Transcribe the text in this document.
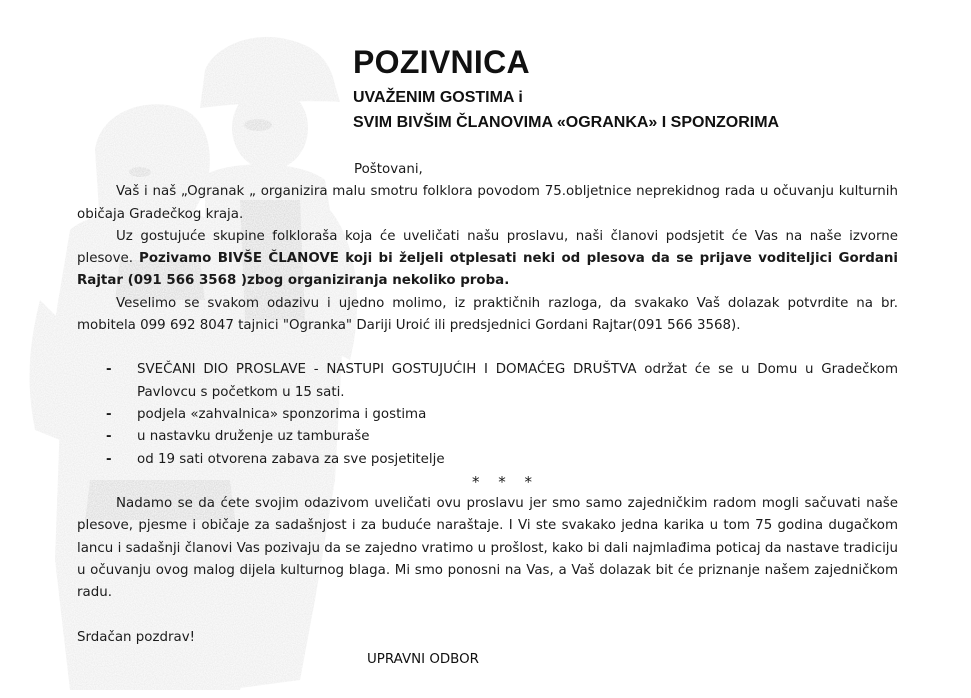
POZIVNICA

UVAŽENIM GOSTIMA i

SVIM BIVŠIM ČLANOVIMA «OGRANKA» I SPONZORIMA

Poštovani,

Vaš i naš „Ogranak „ organizira malu smotru folklora povodom 75.obljetnice neprekidnog rada u očuvanju kulturnih običaja Gradečkog kraja.

Uz gostujuće skupine folkloraša koja će uveličati našu proslavu, naši članovi podsjetit će Vas na naše izvorne plesove. Pozivamo BIVŠE ČLANOVE koji bi željeli otplesati neki od plesova da se prijave voditeljici Gordani Rajtar (091 566 3568 )zbog organiziranja nekoliko proba.

Veselimo se svakom odazivu i ujedno molimo, iz praktičnih razloga, da svakako Vaš dolazak potvrdite na br. mobitela 099 692 8047 tajnici "Ogranka" Dariji Uroić ili predsjednici Gordani Rajtar(091 566 3568).

- SVEČANI DIO PROSLAVE - NASTUPI GOSTUJUĆIH I DOMAĆEG DRUŠTVA održat će se u Domu u Gradečkom Pavlovcu s početkom u 15 sati.
- podjela «zahvalnica» sponzorima i gostima
- u nastavku druženje uz tamburaše
- od 19 sati otvorena zabava za sve posjetitelje

* * *

Nadamo se da ćete svojim odazivom uveličati ovu proslavu jer smo samo zajedničkim radom mogli sačuvati naše plesove, pjesme i običaje za sadašnjost i za buduće naraštaje. I Vi ste svakako jedna karika u tom 75 godina dugačkom lancu i sadašnji članovi Vas pozivaju da se zajedno vratimo u prošlost, kako bi dali najmlađima poticaj da nastave tradiciju u očuvanju ovog malog dijela kulturnog blaga. Mi smo ponosni na Vas, a Vaš dolazak bit će priznanje našem zajedničkom radu.

Srdačan pozdrav!

UPRAVNI ODBOR
